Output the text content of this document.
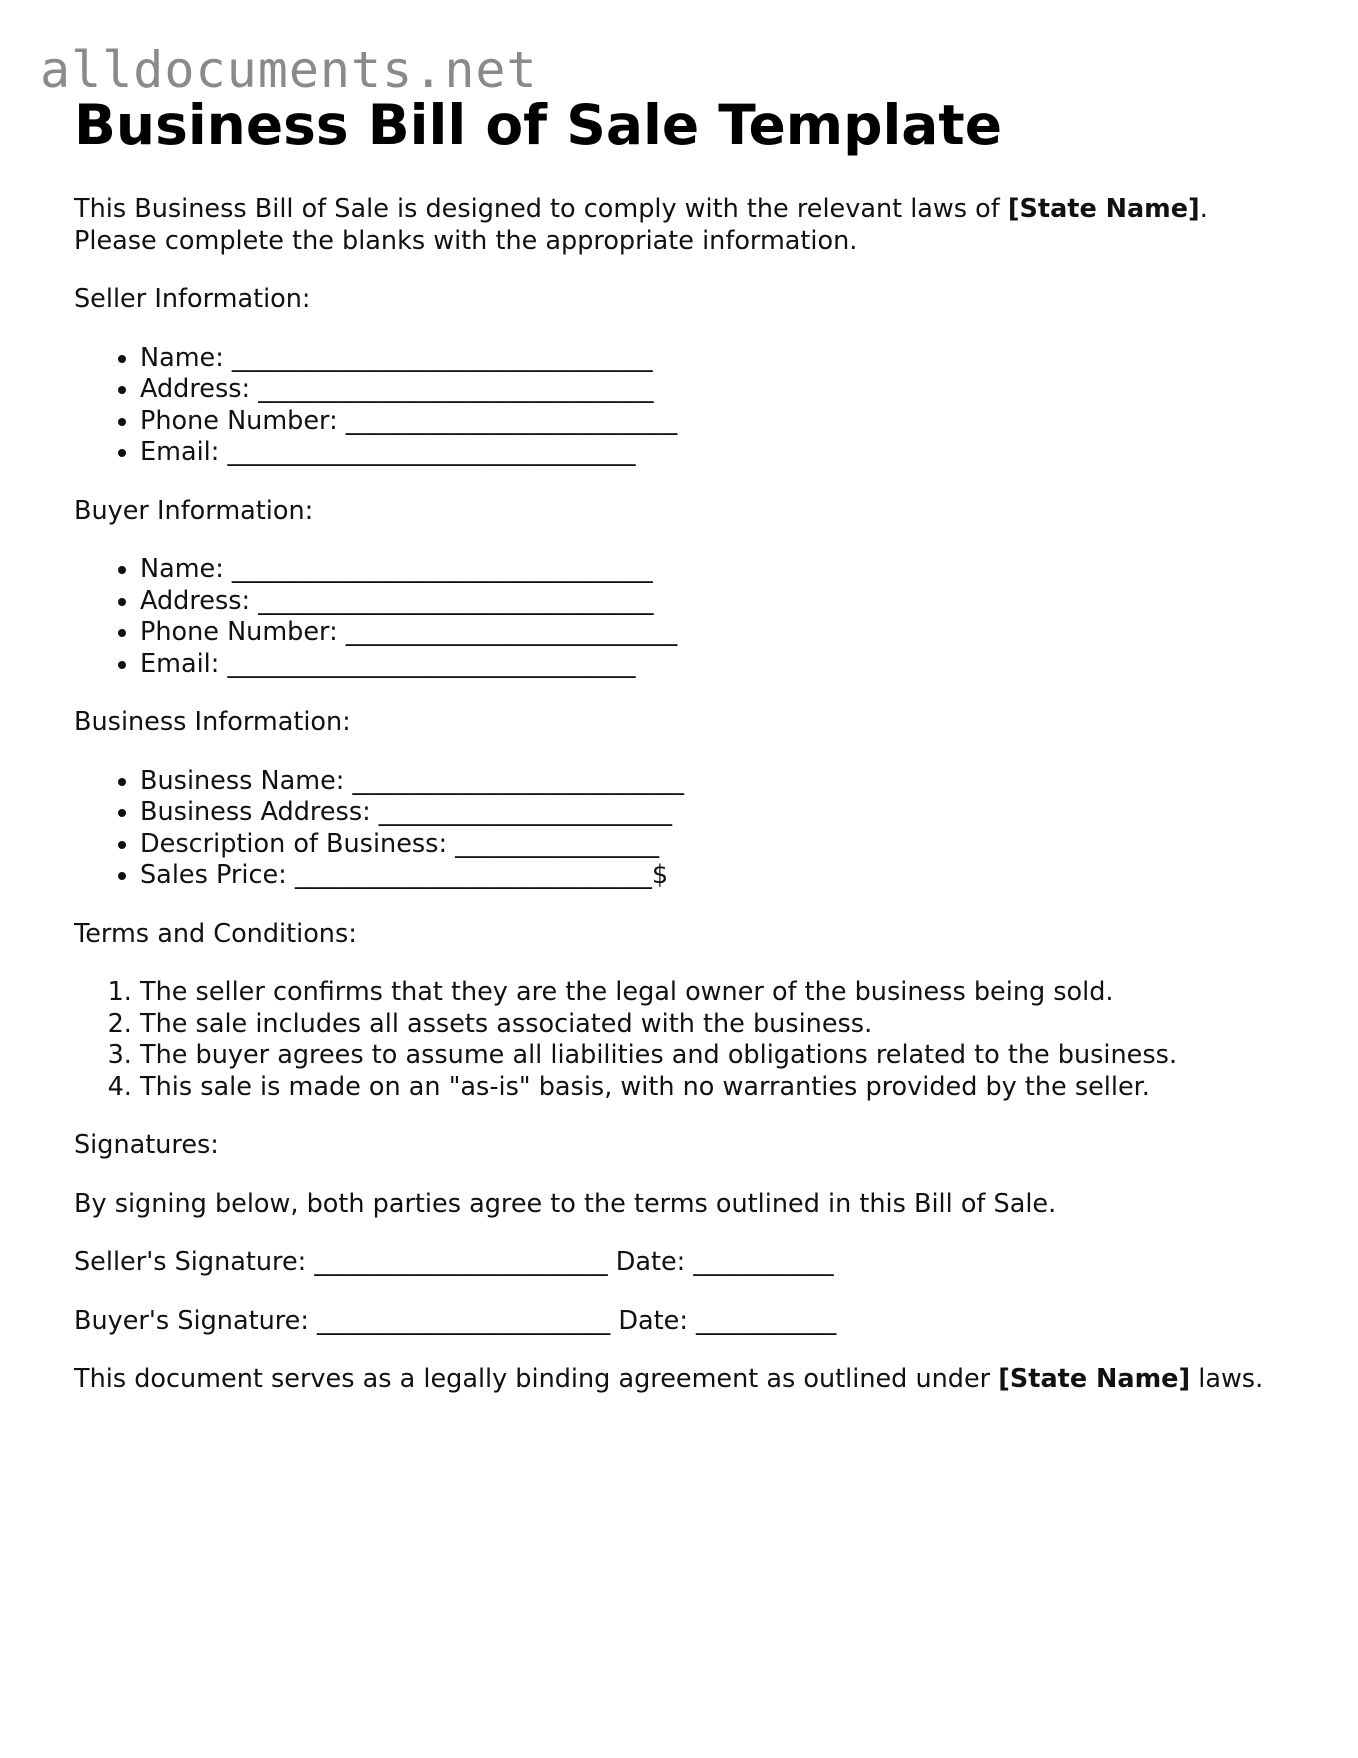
alldocuments.net
Business Bill of Sale Template

This Business Bill of Sale is designed to comply with the relevant laws of [State Name].
Please complete the blanks with the appropriate information.

Seller Information:

• Name: _________________________________
• Address: _______________________________
• Phone Number: __________________________
• Email: ________________________________

Buyer Information:

• Name: _________________________________
• Address: _______________________________
• Phone Number: __________________________
• Email: ________________________________

Business Information:

• Business Name: __________________________
• Business Address: _______________________
• Description of Business: ________________
• Sales Price: ____________________________$

Terms and Conditions:

1. The seller confirms that they are the legal owner of the business being sold.
2. The sale includes all assets associated with the business.
3. The buyer agrees to assume all liabilities and obligations related to the business.
4. This sale is made on an "as-is" basis, with no warranties provided by the seller.

Signatures:

By signing below, both parties agree to the terms outlined in this Bill of Sale.

Seller's Signature: _______________________ Date: ___________

Buyer's Signature: _______________________ Date: ___________

This document serves as a legally binding agreement as outlined under [State Name] laws.
